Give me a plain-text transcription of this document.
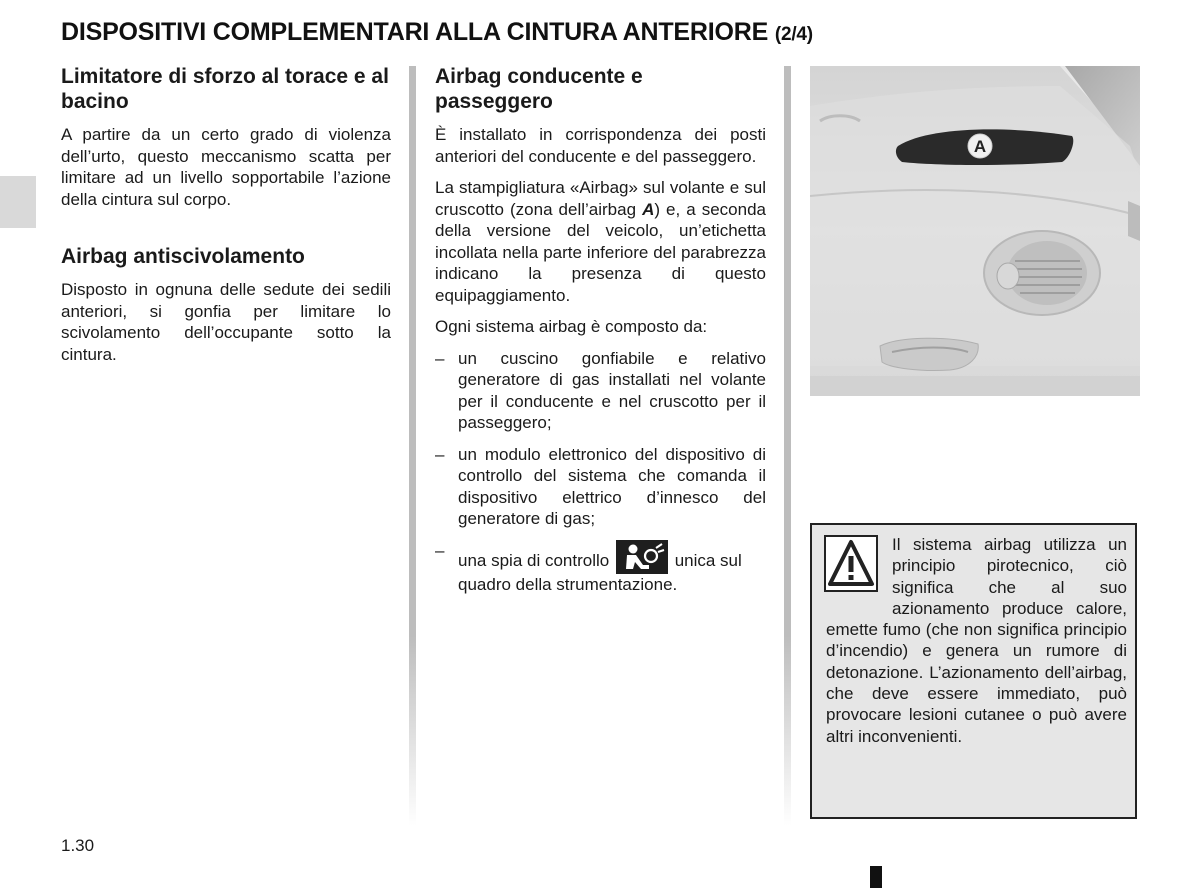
DISPOSITIVI COMPLEMENTARI ALLA CINTURA ANTERIORE (2/4)
Limitatore di sforzo al torace e al bacino

A partire da un certo grado di violenza dell’urto, questo meccanismo scatta per limitare ad un livello sopportabile l’azione della cintura sul corpo.

Airbag antiscivolamento

Disposto in ognuna delle sedute dei sedili anteriori, si gonfia per limitare lo scivolamento dell’occupante sotto la cintura.

Airbag conducente e passeggero

È installato in corrispondenza dei posti anteriori del conducente e del passeggero.

La stampigliatura «Airbag» sul volante e sul cruscotto (zona dell’airbag A) e, a seconda della versione del veicolo, un’etichetta incollata nella parte inferiore del parabrezza indicano la presenza di questo equipaggiamento.

Ogni sistema airbag è composto da:

– un cuscino gonfiabile e relativo generatore di gas installati nel volante per il conducente e nel cruscotto per il passeggero;
– un modulo elettronico del dispositivo di controllo del sistema che comanda il dispositivo elettrico d’innesco del generatore di gas;
–
una spia di controllo	unica sul quadro della strumentazione.
A

Il sistema airbag utilizza un principio pirotecnico, ciò significa che al suo azionamento produce calore, emette fumo (che non significa principio d’incendio) e genera un rumore di detonazione. L’azionamento dell’airbag, che deve essere immediato, può provocare lesioni cutanee o può avere altri inconvenienti.

1.30
